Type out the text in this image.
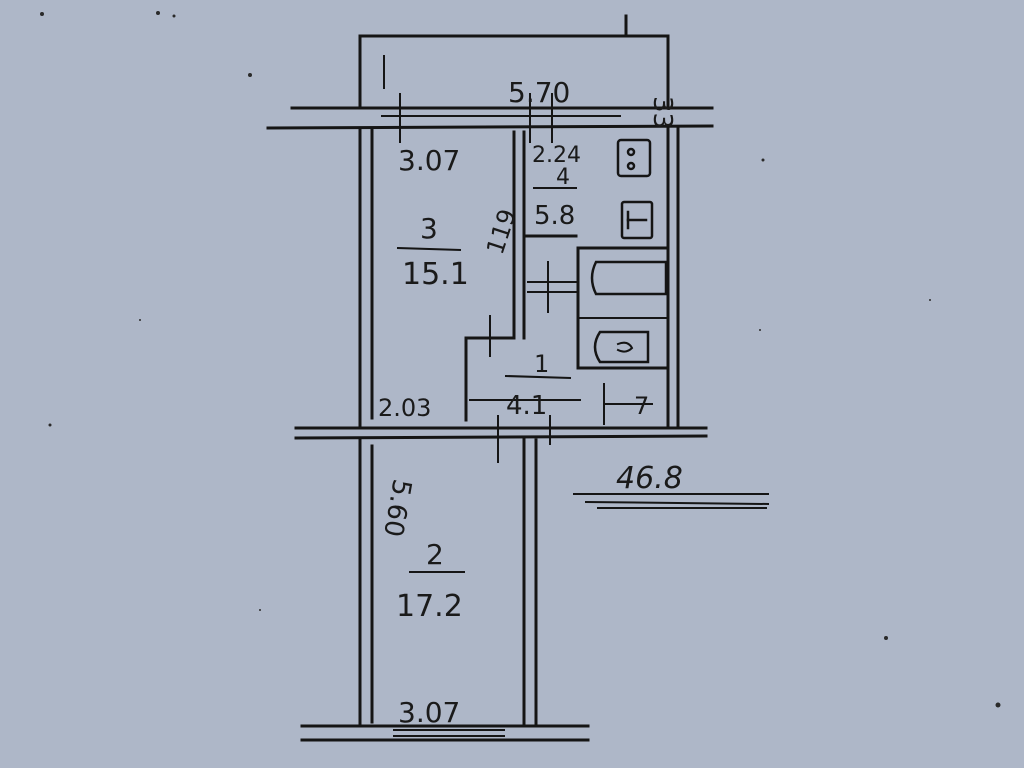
5.70
33
3.07	2.24
119
2.03
5.60
3.07
3
15.1
4
5.8
1
4.1	7
2
17.2
46.8
